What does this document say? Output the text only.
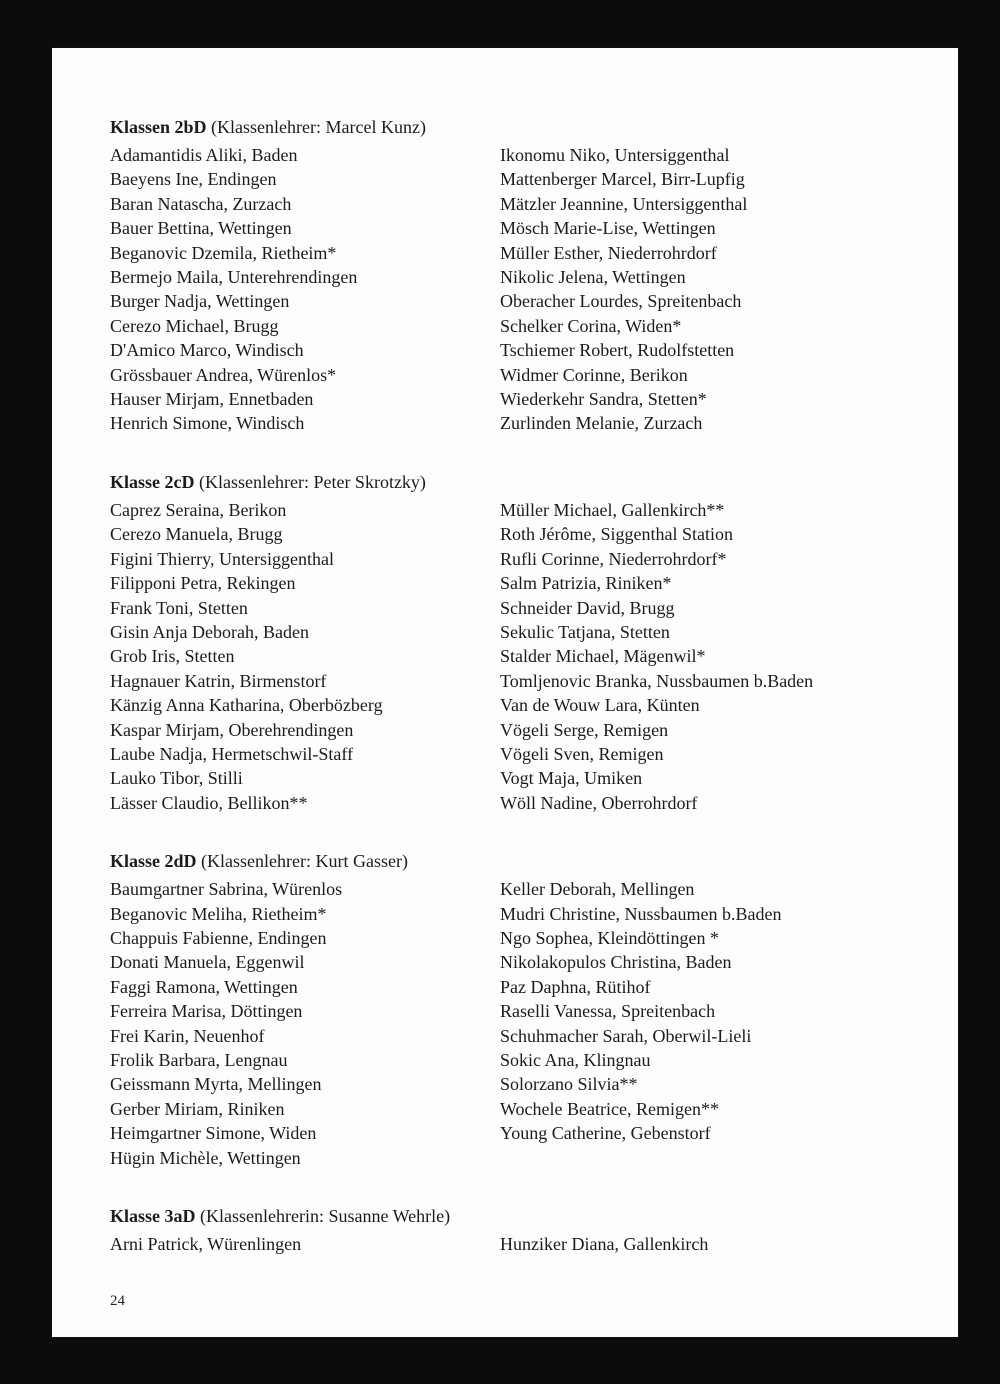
Klassen 2bD (Klassenlehrer: Marcel Kunz)
Adamantidis Aliki, Baden
Baeyens Ine, Endingen
Baran Natascha, Zurzach
Bauer Bettina, Wettingen
Beganovic Dzemila, Rietheim*
Bermejo Maila, Unterehrendingen
Burger Nadja, Wettingen
Cerezo Michael, Brugg
D'Amico Marco, Windisch
Grössbauer Andrea, Würenlos*
Hauser Mirjam, Ennetbaden
Henrich Simone, Windisch
Ikonomu Niko, Untersiggenthal
Mattenberger Marcel, Birr-Lupfig
Mätzler Jeannine, Untersiggenthal
Mösch Marie-Lise, Wettingen
Müller Esther, Niederrohrdorf
Nikolic Jelena, Wettingen
Oberacher Lourdes, Spreitenbach
Schelker Corina, Widen*
Tschiemer Robert, Rudolfstetten
Widmer Corinne, Berikon
Wiederkehr Sandra, Stetten*
Zurlinden Melanie, Zurzach
Klasse 2cD (Klassenlehrer: Peter Skrotzky)
Caprez Seraina, Berikon
Cerezo Manuela, Brugg
Figini Thierry, Untersiggenthal
Filipponi Petra, Rekingen
Frank Toni, Stetten
Gisin Anja Deborah, Baden
Grob Iris, Stetten
Hagnauer Katrin, Birmenstorf
Känzig Anna Katharina, Oberbözberg
Kaspar Mirjam, Oberehrendingen
Laube Nadja, Hermetschwil-Staff
Lauko Tibor, Stilli
Lässer Claudio, Bellikon**
Müller Michael, Gallenkirch**
Roth Jérôme, Siggenthal Station
Rufli Corinne, Niederrohrdorf*
Salm Patrizia, Riniken*
Schneider David, Brugg
Sekulic Tatjana, Stetten
Stalder Michael, Mägenwil*
Tomljenovic Branka, Nussbaumen b.Baden
Van de Wouw Lara, Künten
Vögeli Serge, Remigen
Vögeli Sven, Remigen
Vogt Maja, Umiken
Wöll Nadine, Oberrohrdorf
Klasse 2dD (Klassenlehrer: Kurt Gasser)
Baumgartner Sabrina, Würenlos
Beganovic Meliha, Rietheim*
Chappuis Fabienne, Endingen
Donati Manuela, Eggenwil
Faggi Ramona, Wettingen
Ferreira Marisa, Döttingen
Frei Karin, Neuenhof
Frolik Barbara, Lengnau
Geissmann Myrta, Mellingen
Gerber Miriam, Riniken
Heimgartner Simone, Widen
Hügin Michèle, Wettingen
Keller Deborah, Mellingen
Mudri Christine, Nussbaumen b.Baden
Ngo Sophea, Kleindöttingen *
Nikolakopulos Christina, Baden
Paz Daphna, Rütihof
Raselli Vanessa, Spreitenbach
Schuhmacher Sarah, Oberwil-Lieli
Sokic Ana, Klingnau
Solorzano Silvia**
Wochele Beatrice, Remigen**
Young Catherine, Gebenstorf
Klasse 3aD (Klassenlehrerin: Susanne Wehrle)
Arni Patrick, Würenlingen	Hunziker Diana, Gallenkirch
24
